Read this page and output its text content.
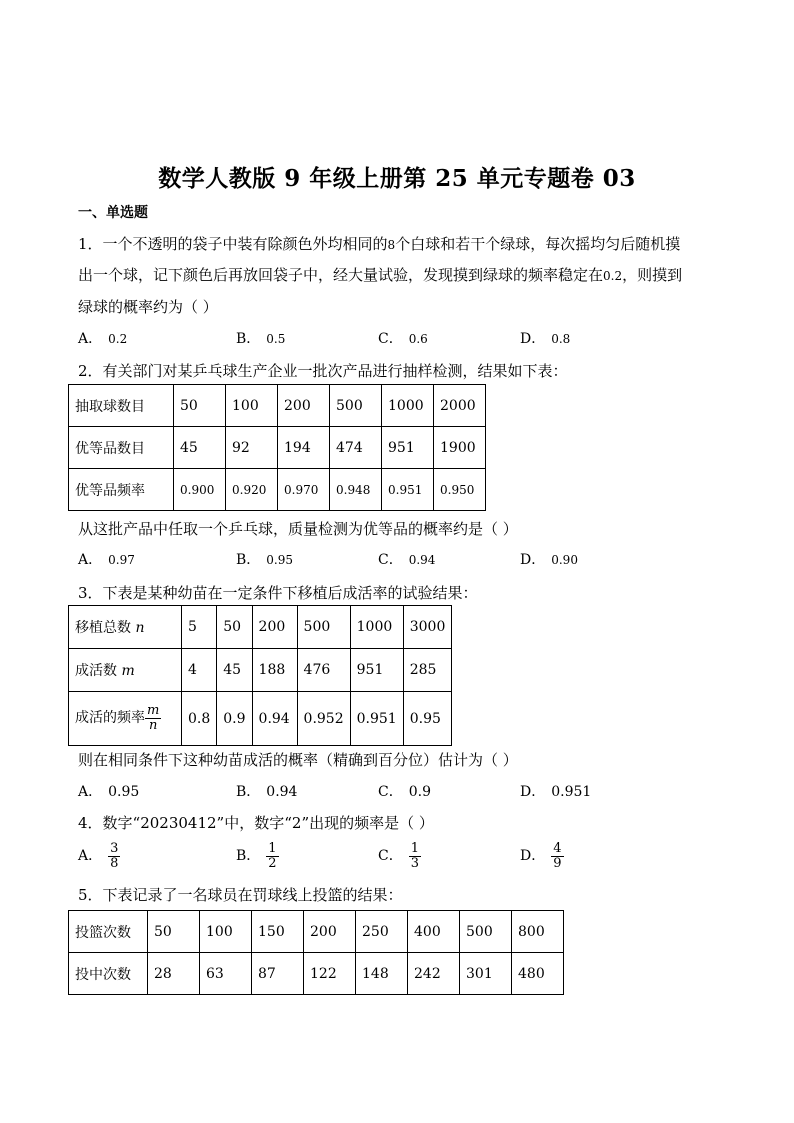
数学人教版 9 年级上册第 25 单元专题卷 03
一、单选题
1．一个不透明的袋子中装有除颜色外均相同的8个白球和若干个绿球，每次摇均匀后随机摸
出一个球，记下颜色后再放回袋子中，经大量试验，发现摸到绿球的频率稳定在0.2，则摸到
绿球的概率约为（ ）
A． 0.2	B． 0.5	C． 0.6	D． 0.8
2．有关部门对某乒乓球生产企业一批次产品进行抽样检测，结果如下表：
抽取球数目	50	100	200	500	1000	2000
优等品数目	45	92	194	474	951	1900
优等品频率	0.900	0.920	0.970	0.948	0.951	0.950
从这批产品中任取一个乒乓球，质量检测为优等品的概率约是（ ）
A． 0.97	B． 0.95	C． 0.94	D． 0.90
3．下表是某种幼苗在一定条件下移植后成活率的试验结果：
移植总数 n	5	50	200	500	1000	3000
成活数 m	4	45	188	476	951	285
成活的频率 $\frac{m}{n}$	0.8	0.9	0.94	0.952	0.951	0.95
则在相同条件下这种幼苗成活的概率（精确到百分位）估计为（ ）
A． 0.95	B． 0.94	C． 0.9	D． 0.951
4．数字“20230412”中，数字“2”出现的频率是（ ）
A． $\frac{3}{8}$	B． $\frac{1}{2}$	C． $\frac{1}{3}$	D． $\frac{4}{9}$
5．下表记录了一名球员在罚球线上投篮的结果：
投篮次数	50	100	150	200	250	400	500	800
投中次数	28	63	87	122	148	242	301	480
